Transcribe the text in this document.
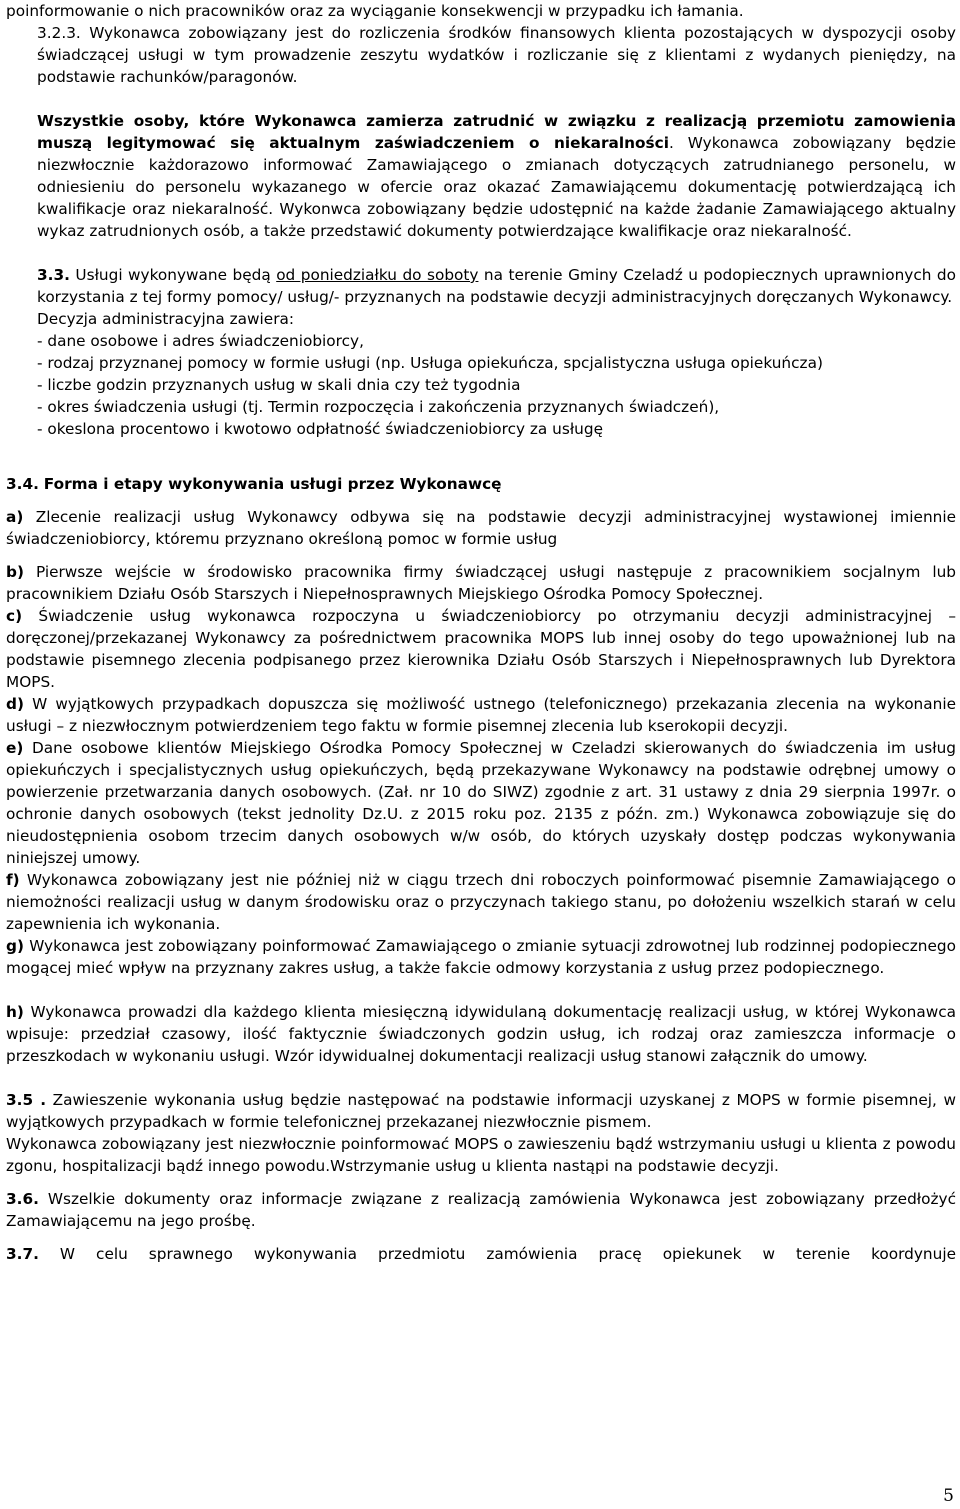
poinformowanie o nich pracowników oraz za wyciąganie konsekwencji w przypadku ich łamania.

3.2.3. Wykonawca zobowiązany jest do rozliczenia środków finansowych klienta pozostających w dyspozycji osoby świadczącej usługi w tym prowadzenie zeszytu wydatków i rozliczanie się z klientami z wydanych pieniędzy, na podstawie rachunków/paragonów.

Wszystkie osoby, które Wykonawca zamierza zatrudnić w związku z realizacją przemiotu zamowienia muszą legitymować się aktualnym zaświadczeniem o niekaralności. Wykonawca zobowiązany będzie niezwłocznie każdorazowo informować Zamawiającego o zmianach dotyczących zatrudnianego personelu, w odniesieniu do personelu wykazanego w ofercie oraz okazać Zamawiającemu dokumentację potwierdzającą ich kwalifikacje oraz niekaralność. Wykonwca zobowiązany będzie udostępnić na każde żadanie Zamawiającego aktualny wykaz zatrudnionych osób, a także przedstawić dokumenty potwierdzające kwalifikacje oraz niekaralność.

3.3. Usługi wykonywane będą od poniedziałku do soboty na terenie Gminy Czeladź u podopiecznych uprawnionych do korzystania z tej formy pomocy/ usług/- przyznanych na podstawie decyzji administracyjnych doręczanych Wykonawcy.

Decyzja administracyjna zawiera:
- dane osobowe i adres świadczeniobiorcy,
- rodzaj przyznanej pomocy w formie usługi (np. Usługa opiekuńcza, spcjalistyczna usługa opiekuńcza)
- liczbe godzin przyznanych usług w skali dnia czy też tygodnia
- okres świadczenia usługi (tj. Termin rozpoczęcia i zakończenia przyznanych świadczeń),
- okeslona procentowo i kwotowo odpłatność świadczeniobiorcy za usługę

3.4. Forma i etapy wykonywania usługi przez Wykonawcę

a) Zlecenie realizacji usług Wykonawcy odbywa się na podstawie decyzji administracyjnej wystawionej imiennie świadczeniobiorcy, któremu przyznano określoną pomoc w formie usług

b) Pierwsze wejście w środowisko pracownika firmy świadczącej usługi następuje z pracownikiem socjalnym lub pracownikiem Działu Osób Starszych i Niepełnosprawnych Miejskiego Ośrodka Pomocy Społecznej.

c) Świadczenie usług wykonawca rozpoczyna u świadczeniobiorcy po otrzymaniu decyzji administracyjnej – doręczonej/przekazanej Wykonawcy za pośrednictwem pracownika MOPS lub innej osoby do tego upoważnionej lub na podstawie pisemnego zlecenia podpisanego przez kierownika Działu Osób Starszych i Niepełnosprawnych lub Dyrektora MOPS.

d) W wyjątkowych przypadkach dopuszcza się możliwość ustnego (telefonicznego) przekazania zlecenia na wykonanie usługi – z niezwłocznym potwierdzeniem tego faktu w formie pisemnej zlecenia lub kserokopii decyzji.

e) Dane osobowe klientów Miejskiego Ośrodka Pomocy Społecznej w Czeladzi skierowanych do świadczenia im usług opiekuńczych i specjalistycznych usług opiekuńczych, będą przekazywane Wykonawcy na podstawie odrębnej umowy o powierzenie przetwarzania danych osobowych. (Zał. nr 10 do SIWZ) zgodnie z art. 31 ustawy z dnia 29 sierpnia 1997r. o ochronie danych osobowych (tekst jednolity Dz.U. z 2015 roku poz. 2135 z późn. zm.) Wykonawca zobowiązuje się do nieudostępnienia osobom trzecim danych osobowych w/w osób, do których uzyskały dostęp podczas wykonywania niniejszej umowy.

f) Wykonawca zobowiązany jest nie później niż w ciągu trzech dni roboczych poinformować pisemnie Zamawiającego o niemożności realizacji usług w danym środowisku oraz o przyczynach takiego stanu, po dołożeniu wszelkich starań w celu zapewnienia ich wykonania.

g) Wykonawca jest zobowiązany poinformować Zamawiającego o zmianie sytuacji zdrowotnej lub rodzinnej podopiecznego mogącej mieć wpływ na przyznany zakres usług, a także fakcie odmowy korzystania z usług przez podopiecznego.

h) Wykonawca prowadzi dla każdego klienta miesięczną idywidulaną dokumentację realizacji usług, w której Wykonawca wpisuje: przedział czasowy, ilość faktycznie świadczonych godzin usług, ich rodzaj oraz zamieszcza informacje o przeszkodach w wykonaniu usługi. Wzór idywidualnej dokumentacji realizacji usług stanowi załącznik do umowy.

3.5 . Zawieszenie wykonania usług będzie następować na podstawie informacji uzyskanej z MOPS w formie pisemnej, w wyjątkowych przypadkach w formie telefonicznej przekazanej niezwłocznie pismem.

Wykonawca zobowiązany jest niezwłocznie poinformować MOPS o zawieszeniu bądź wstrzymaniu usługi u klienta z powodu zgonu, hospitalizacji bądź innego powodu.Wstrzymanie usług u klienta nastąpi na podstawie decyzji.

3.6. Wszelkie dokumenty oraz informacje związane z realizacją zamówienia Wykonawca jest zobowiązany przedłożyć Zamawiającemu na jego prośbę.

3.7. W celu sprawnego wykonywania przedmiotu zamówienia pracę opiekunek w terenie koordynuje

5
